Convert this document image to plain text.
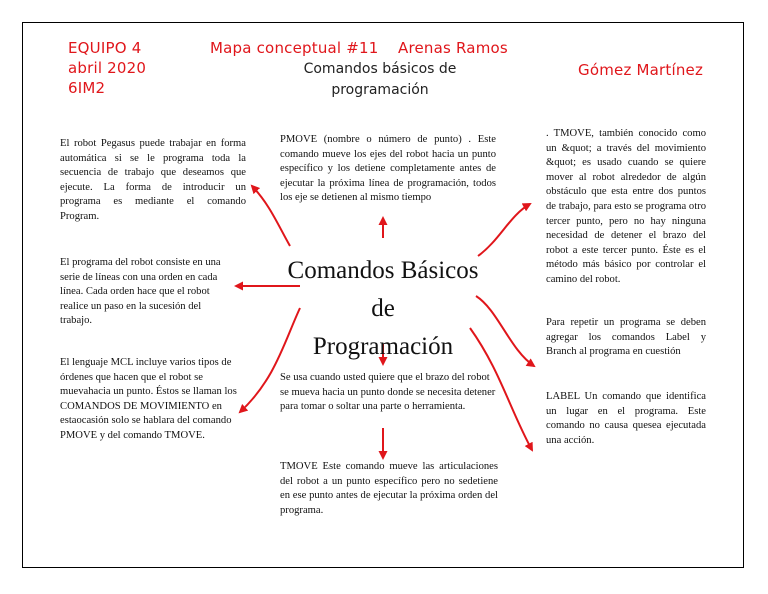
EQUIPO 4
abril 2020
6IM2
Mapa conceptual #11 Arenas Ramos
Gómez Martínez
Comandos básicos de
programación
El robot Pegasus puede trabajar en forma automática si se le programa toda la secuencia de trabajo que deseamos que ejecute. La forma de introducir un programa es mediante el comando Program.
El programa del robot consiste en una serie de líneas con una orden en cada línea. Cada orden hace que el robot realice un paso en la sucesión del trabajo.
El lenguaje MCL incluye varios tipos de órdenes que hacen que el robot se muevahacia un punto. Éstos se llaman los COMANDOS DE MOVIMIENTO en estaocasión solo se hablara del comando PMOVE y del comando TMOVE.
PMOVE (nombre o número de punto) . Este comando mueve los ejes del robot hacia un punto específico y los detiene completamente antes de ejecutar la próxima línea de programación, todos los eje se detienen al mismo tiempo
Comandos Básicos
de
Programación
Se usa cuando usted quiere que el brazo del robot se mueva hacia un punto donde se necesita detener para tomar o soltar una parte o herramienta.
TMOVE Este comando mueve las articulaciones del robot a un punto específico pero no sedetiene en ese punto antes de ejecutar la próxima orden del programa.
. TMOVE, también conocido como un &quot; a través del movimiento &quot; es usado cuando se quiere mover al robot alrededor de algún obstáculo que esta entre dos puntos de trabajo, para esto se programa otro tercer punto, pero no hay ninguna necesidad de detener el brazo del robot a este tercer punto. Éste es el método más básico por controlar el camino del robot.
Para repetir un programa se deben agregar los comandos Label y Branch al programa en cuestión
LABEL Un comando que identifica un lugar en el programa. Este comando no causa quesea ejecutada una acción.
